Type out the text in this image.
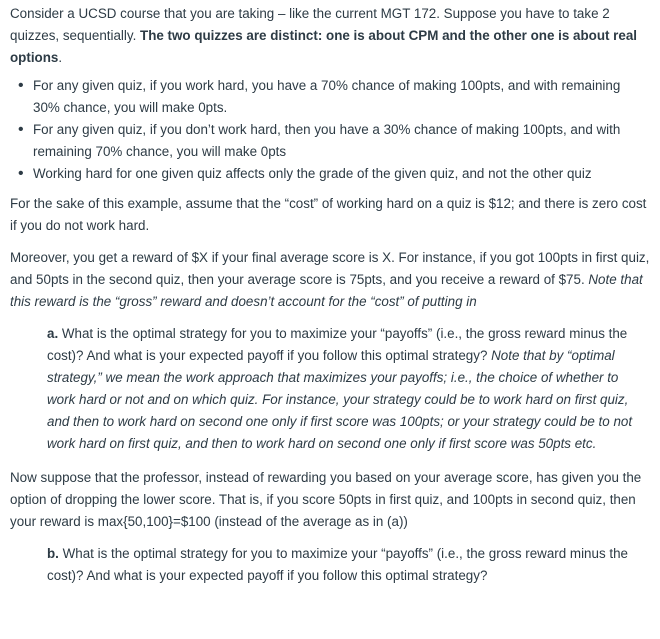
Consider a UCSD course that you are taking – like the current MGT 172. Suppose you have to take 2 quizzes, sequentially. The two quizzes are distinct: one is about CPM and the other one is about real options.

• For any given quiz, if you work hard, you have a 70% chance of making 100pts, and with remaining 30% chance, you will make 0pts.
• For any given quiz, if you don’t work hard, then you have a 30% chance of making 100pts, and with remaining 70% chance, you will make 0pts
• Working hard for one given quiz affects only the grade of the given quiz, and not the other quiz

For the sake of this example, assume that the “cost” of working hard on a quiz is $12; and there is zero cost if you do not work hard.

Moreover, you get a reward of $X if your final average score is X. For instance, if you got 100pts in first quiz, and 50pts in the second quiz, then your average score is 75pts, and you receive a reward of $75. Note that this reward is the “gross” reward and doesn’t account for the “cost” of putting in

a. What is the optimal strategy for you to maximize your “payoffs” (i.e., the gross reward minus the cost)? And what is your expected payoff if you follow this optimal strategy? Note that by “optimal strategy,” we mean the work approach that maximizes your payoffs; i.e., the choice of whether to work hard or not and on which quiz. For instance, your strategy could be to work hard on first quiz, and then to work hard on second one only if first score was 100pts; or your strategy could be to not work hard on first quiz, and then to work hard on second one only if first score was 50pts etc.

Now suppose that the professor, instead of rewarding you based on your average score, has given you the option of dropping the lower score. That is, if you score 50pts in first quiz, and 100pts in second quiz, then your reward is max{50,100}=$100 (instead of the average as in (a))

b. What is the optimal strategy for you to maximize your “payoffs” (i.e., the gross reward minus the cost)? And what is your expected payoff if you follow this optimal strategy?
